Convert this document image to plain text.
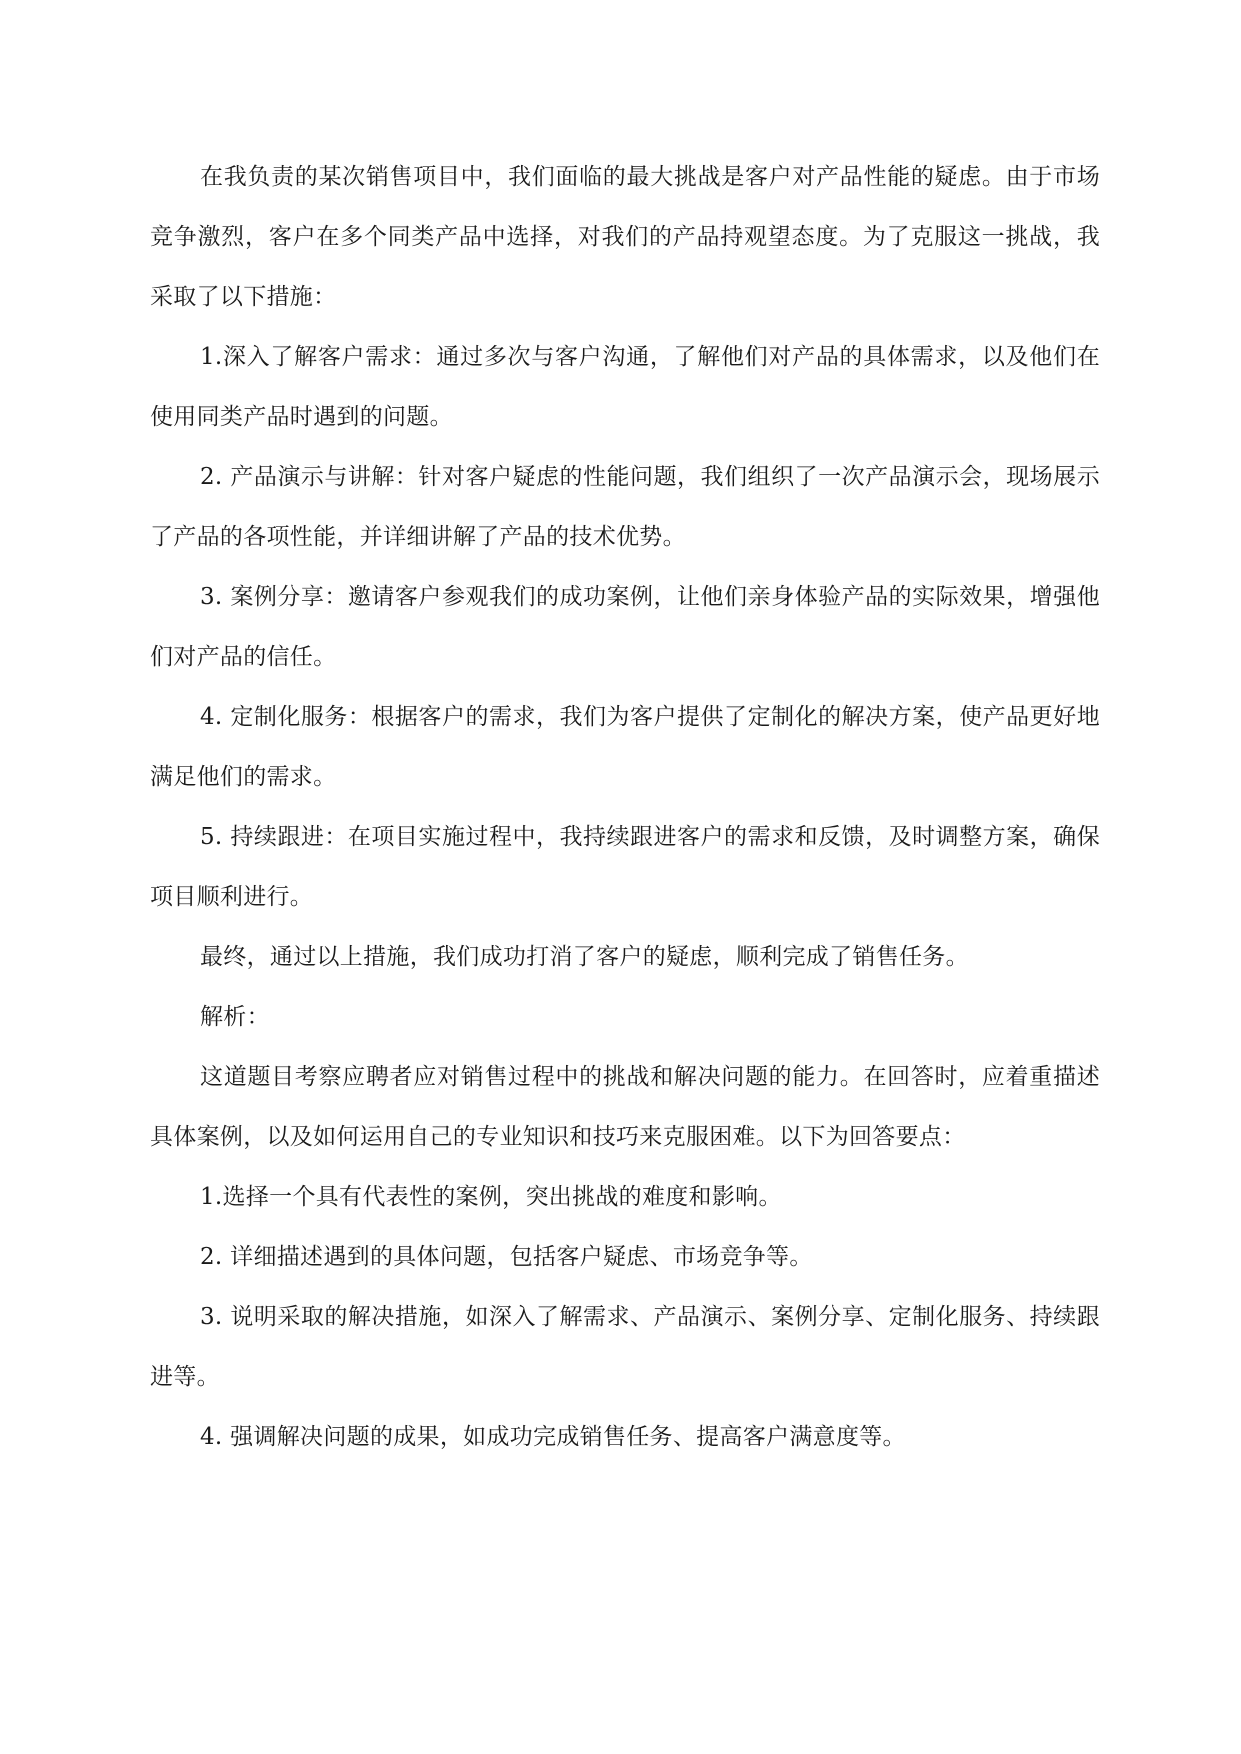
在我负责的某次销售项目中，我们面临的最大挑战是客户对产品性能的疑虑。由于市场竞争激烈，客户在多个同类产品中选择，对我们的产品持观望态度。为了克服这一挑战，我采取了以下措施：

1.深入了解客户需求：通过多次与客户沟通，了解他们对产品的具体需求，以及他们在使用同类产品时遇到的问题。

2. 产品演示与讲解：针对客户疑虑的性能问题，我们组织了一次产品演示会，现场展示了产品的各项性能，并详细讲解了产品的技术优势。

3. 案例分享：邀请客户参观我们的成功案例，让他们亲身体验产品的实际效果，增强他们对产品的信任。

4. 定制化服务：根据客户的需求，我们为客户提供了定制化的解决方案，使产品更好地满足他们的需求。

5. 持续跟进：在项目实施过程中，我持续跟进客户的需求和反馈，及时调整方案，确保项目顺利进行。

最终，通过以上措施，我们成功打消了客户的疑虑，顺利完成了销售任务。

解析：

这道题目考察应聘者应对销售过程中的挑战和解决问题的能力。在回答时，应着重描述具体案例，以及如何运用自己的专业知识和技巧来克服困难。以下为回答要点：

1.选择一个具有代表性的案例，突出挑战的难度和影响。

2. 详细描述遇到的具体问题，包括客户疑虑、市场竞争等。

3. 说明采取的解决措施，如深入了解需求、产品演示、案例分享、定制化服务、持续跟进等。

4. 强调解决问题的成果，如成功完成销售任务、提高客户满意度等。
